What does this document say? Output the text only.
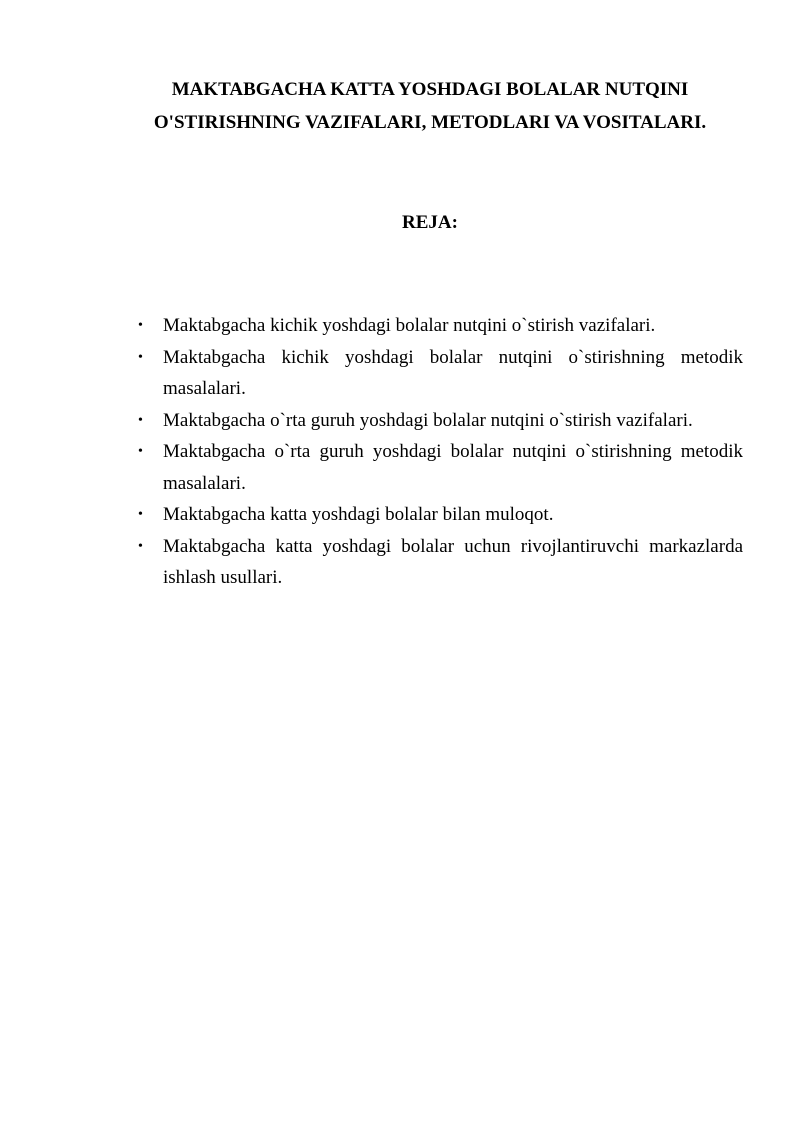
MAKTABGACHA KATTA YOSHDAGI BOLALAR NUTQINI
O'STIRISHNING VAZIFALARI, METODLARI VA VOSITALARI.
REJA:
• Maktabgacha kichik yoshdagi bolalar nutqini o`stirish vazifalari.
• Maktabgacha kichik yoshdagi bolalar nutqini o`stirishning metodik masalalari.
• Maktabgacha o`rta guruh yoshdagi bolalar nutqini o`stirish vazifalari.
• Maktabgacha o`rta guruh yoshdagi bolalar nutqini o`stirishning metodik masalalari.
• Maktabgacha katta yoshdagi bolalar bilan muloqot.
• Maktabgacha katta yoshdagi bolalar uchun rivojlantiruvchi markazlarda ishlash usullari.
